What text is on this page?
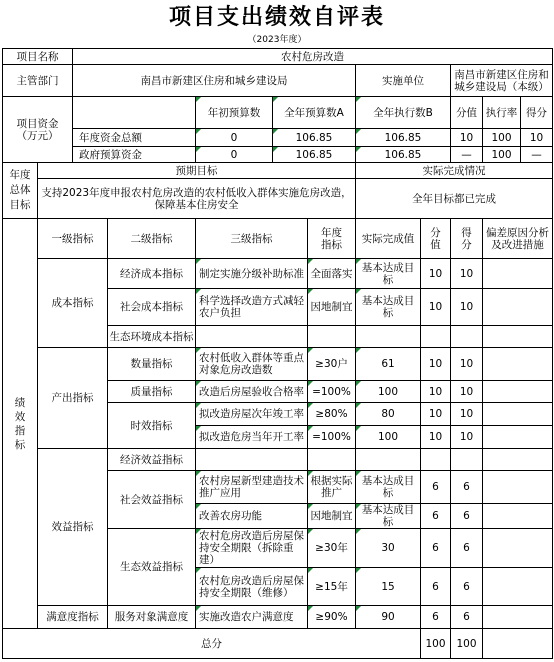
项目支出绩效自评表
（2023年度）
项目名称		农村危房改造									
主管部门		南昌市新建区住房和城乡建设局					实施单位		南昌市新建区住房和城乡建设局（本级）		
项目资金（万元）				年初预算数	全年预算数A		全年执行数B		分值	执行率	得分
		年度资金总额		0	106.85		106.85		10	100	10
		政府预算资金		0	106.85		106.85		—	100	—
年度总体目标	预期目标						实际完成情况				
	支持2023年度申报农村危房改造的农村低收入群体实施危房改造，保障基本住房安全						全年目标都已完成				
绩效指标	一级指标		二级指标	三级指标		年度指标	实际完成值	分值	得分	偏差原因分析及改进措施	
	成本指标		经济成本指标	制定实施分级补助标准		全面落实	基本达成目标	10	10		
			社会成本指标	科学选择改造方式减轻农户负担		因地制宜	基本达成目标	10	10		
			生态环境成本指标								
	产出指标		数量指标	农村低收入群体等重点对象危房改造数		≥30户	61	10	10		
			质量指标	改造后房屋验收合格率		=100%	100	10	10		
			时效指标	拟改造房屋次年竣工率		≥80%	80	10	10		
				拟改造危房当年开工率		=100%	100	10	10		
	效益指标		经济效益指标								
			社会效益指标	农村房屋新型建造技术推广应用		根据实际推广	基本达成目标	6	6		
				改善农房功能		因地制宜	基本达成目标	6	6		
			生态效益指标	农村危房改造后房屋保持安全期限（拆除重建）		≥30年	30	6	6		
				农村危房改造后房屋保持安全期限（维修）		≥15年	15	6	6		
	满意度指标		服务对象满意度	实施改造农户满意度		≥90%	90	6	6		
总分								100	100		
